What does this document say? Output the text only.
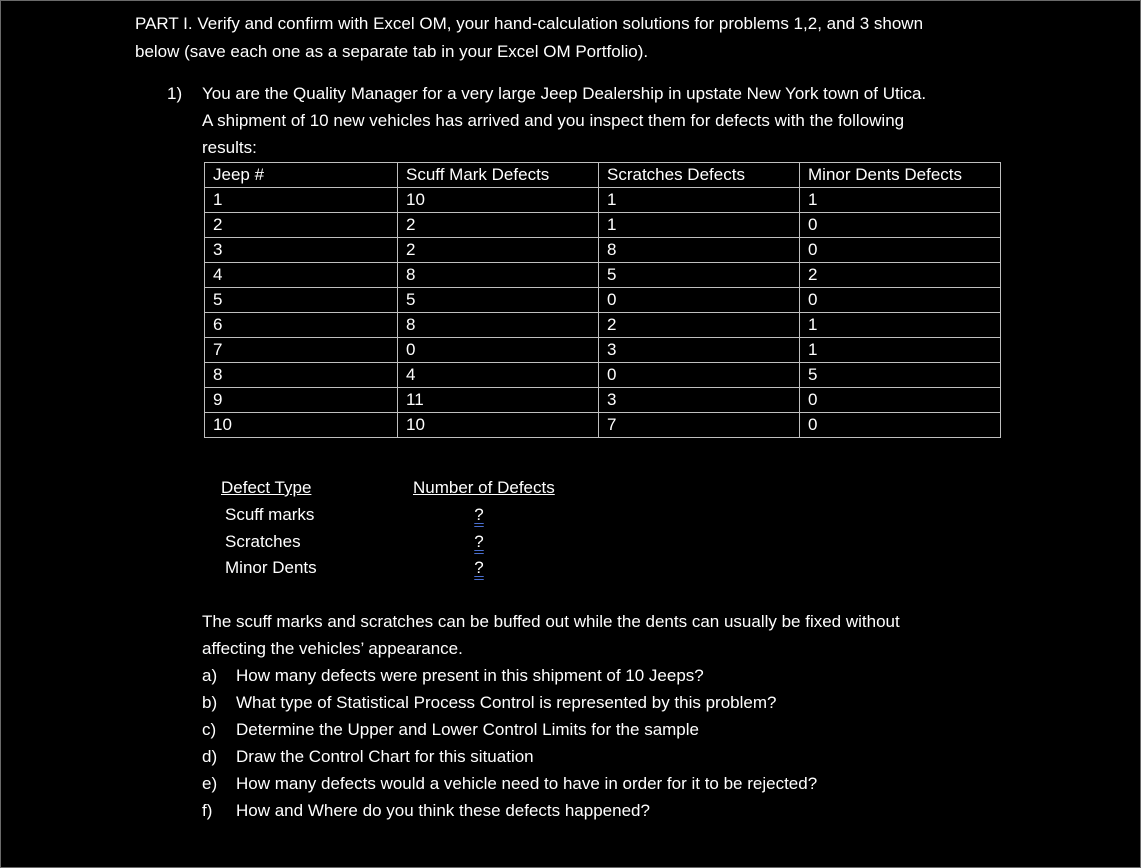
PART I. Verify and confirm with Excel OM, your hand-calculation solutions for problems 1,2, and 3 shown
below (save each one as a separate tab in your Excel OM Portfolio).
1) You are the Quality Manager for a very large Jeep Dealership in upstate New York town of Utica.
A shipment of 10 new vehicles has arrived and you inspect them for defects with the following
results:
Jeep #	Scuff Mark Defects	Scratches Defects	Minor Dents Defects
1	10	1	1
2	2	1	0
3	2	8	0
4	8	5	2
5	5	0	0
6	8	2	1
7	0	3	1
8	4	0	5
9	11	3	0
10	10	7	0
Defect Type	Number of Defects
Scuff marks	?
Scratches	?
Minor Dents	?
The scuff marks and scratches can be buffed out while the dents can usually be fixed without
affecting the vehicles’ appearance.
a) How many defects were present in this shipment of 10 Jeeps?
b) What type of Statistical Process Control is represented by this problem?
c) Determine the Upper and Lower Control Limits for the sample
d) Draw the Control Chart for this situation
e) How many defects would a vehicle need to have in order for it to be rejected?
f) How and Where do you think these defects happened?
